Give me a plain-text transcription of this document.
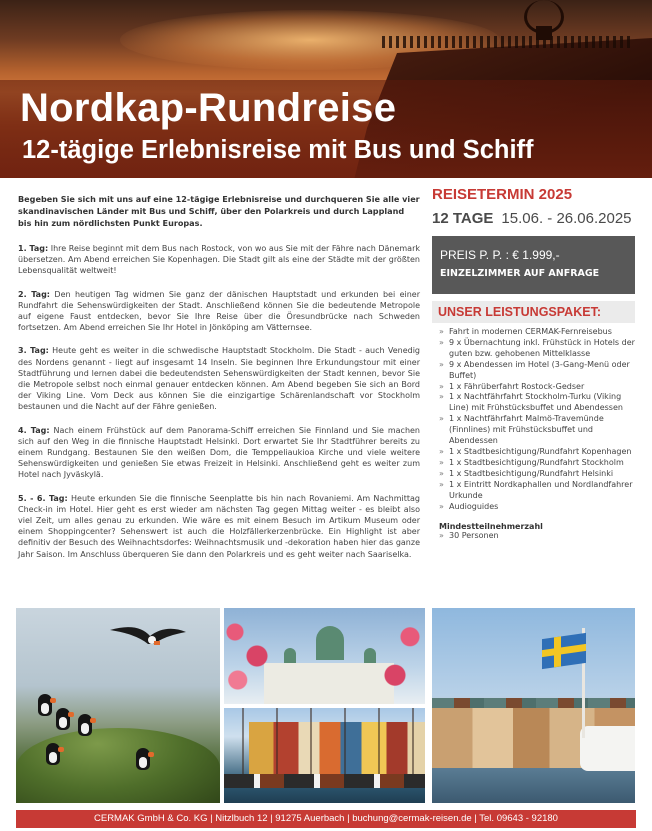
Nordkap-Rundreise
12-tägige Erlebnisreise mit Bus und Schiff

Begeben Sie sich mit uns auf eine 12-tägige Erlebnisreise und durchqueren Sie alle vier skandinavischen Länder mit Bus und Schiff, über den Polarkreis und durch Lappland bis hin zum nördlichsten Punkt Europas.

1. Tag: Ihre Reise beginnt mit dem Bus nach Rostock, von wo aus Sie mit der Fähre nach Dänemark übersetzen. Am Abend erreichen Sie Kopenhagen. Die Stadt gilt als eine der Städte mit der größten Lebensqualität weltweit!

2. Tag: Den heutigen Tag widmen Sie ganz der dänischen Hauptstadt und erkunden bei einer Rundfahrt die Sehenswürdigkeiten der Stadt. Anschließend können Sie die bedeutende Metropole auf eigene Faust entdecken, bevor Sie Ihre Reise über die Öresundbrücke nach Schweden fortsetzen. Am Abend erreichen Sie Ihr Hotel in Jönköping am Vätternsee.

3. Tag: Heute geht es weiter in die schwedische Hauptstadt Stockholm. Die Stadt - auch Venedig des Nordens genannt - liegt auf insgesamt 14 Inseln. Sie beginnen Ihre Erkundungstour mit einer Stadtführung und lernen dabei die bedeutendsten Sehenswürdigkeiten der Stadt kennen, bevor Sie die Metropole selbst noch einmal genauer entdecken können. Am Abend begeben Sie sich an Bord der Viking Line. Vom Deck aus können Sie die einzigartige Schärenlandschaft vor Stockholm bestaunen und die Nacht auf der Fähre genießen.

4. Tag: Nach einem Frühstück auf dem Panorama-Schiff erreichen Sie Finnland und Sie machen sich auf den Weg in die finnische Hauptstadt Helsinki. Dort erwartet Sie Ihr Stadtführer bereits zu einem Rundgang. Bestaunen Sie den weißen Dom, die Temppeliaukioa Kirche und viele weitere Sehenswürdigkeiten und genießen Sie etwas Freizeit in Helsinki. Anschließend geht es weiter zum Hotel nach Jyväskylä.

5. - 6. Tag: Heute erkunden Sie die finnische Seenplatte bis hin nach Rovaniemi. Am Nachmittag Check-in im Hotel. Hier geht es erst wieder am nächsten Tag gegen Mittag weiter - es bleibt also viel Zeit, um alles genau zu erkunden. Wie wäre es mit einem Besuch im Artikum Museum oder einem Shoppingcenter? Sehenswert ist auch die Holzfällerkerzenbrücke. Ein Highlight ist aber definitiv der Besuch des Weihnachtsdorfes: Weihnachtsmusik und -dekoration haben hier das ganze Jahr Saison. Im Anschluss überqueren Sie dann den Polarkreis und es geht weiter nach Saariselka.

REISETERMIN 2025
12 TAGE 15.06. - 26.06.2025
PREIS P. P. : € 1.999,-
EINZELZIMMER AUF ANFRAGE
UNSER LEISTUNGSPAKET:
» Fahrt in modernen CERMAK-Fernreisebus
» 9 x Übernachtung inkl. Frühstück in Hotels der guten bzw. gehobenen Mittelklasse
» 9 x Abendessen im Hotel (3-Gang-Menü oder Buffet)
» 1 x Fährüberfahrt Rostock-Gedser
» 1 x Nachtfährfahrt Stockholm-Turku (Viking Line) mit Frühstücksbuffet und Abendessen
» 1 x Nachtfährfahrt Malmö-Travemünde (Finnlines) mit Frühstücksbuffet und Abendessen
» 1 x Stadtbesichtigung/Rundfahrt Kopenhagen
» 1 x Stadtbesichtigung/Rundfahrt Stockholm
» 1 x Stadtbesichtigung/Rundfahrt Helsinki
» 1 x Eintritt Nordkaphallen und Nordlandfahrer Urkunde
» Audioguides
Mindestteilnehmerzahl
» 30 Personen
CERMAK GmbH & Co. KG | Nitzlbuch 12 | 91275 Auerbach | buchung@cermak-reisen.de | Tel. 09643 - 92180
